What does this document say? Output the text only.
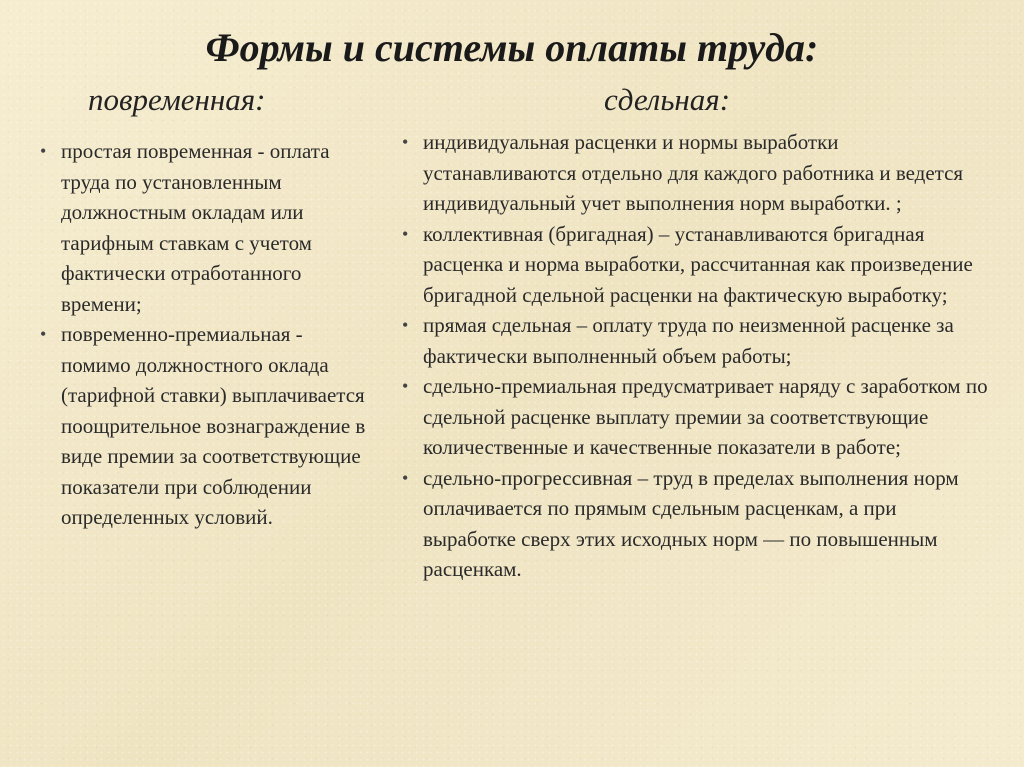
Формы и системы оплаты труда:
повременная:	сдельная:
• простая повременная - оплата труда по установленным должностным окладам или тарифным ставкам с учетом фактически отработанного времени;
• повременно-премиальная - помимо должностного оклада (тарифной ставки) выплачивается поощрительное вознаграждение в виде премии за соответствующие показатели при соблюдении определенных условий.
• индивидуальная расценки и нормы выработки устанавливаются отдельно для каждого работника и ведется индивидуальный учет выполнения норм выработки. ;
• коллективная (бригадная) – устанавливаются бригадная расценка и норма выработки, рассчитанная как произведение бригадной сдельной расценки на фактическую выработку;
• прямая сдельная – оплату труда по неизменной расценке за фактически выполненный объем работы;
• сдельно-премиальная предусматривает наряду с заработком по сдельной расценке выплату премии за соответствующие количественные и качественные показатели в работе;
• сдельно-прогрессивная – труд в пределах выполнения норм оплачивается по прямым сдельным расценкам, а при выработке сверх этих исходных норм — по повышенным расценкам.
